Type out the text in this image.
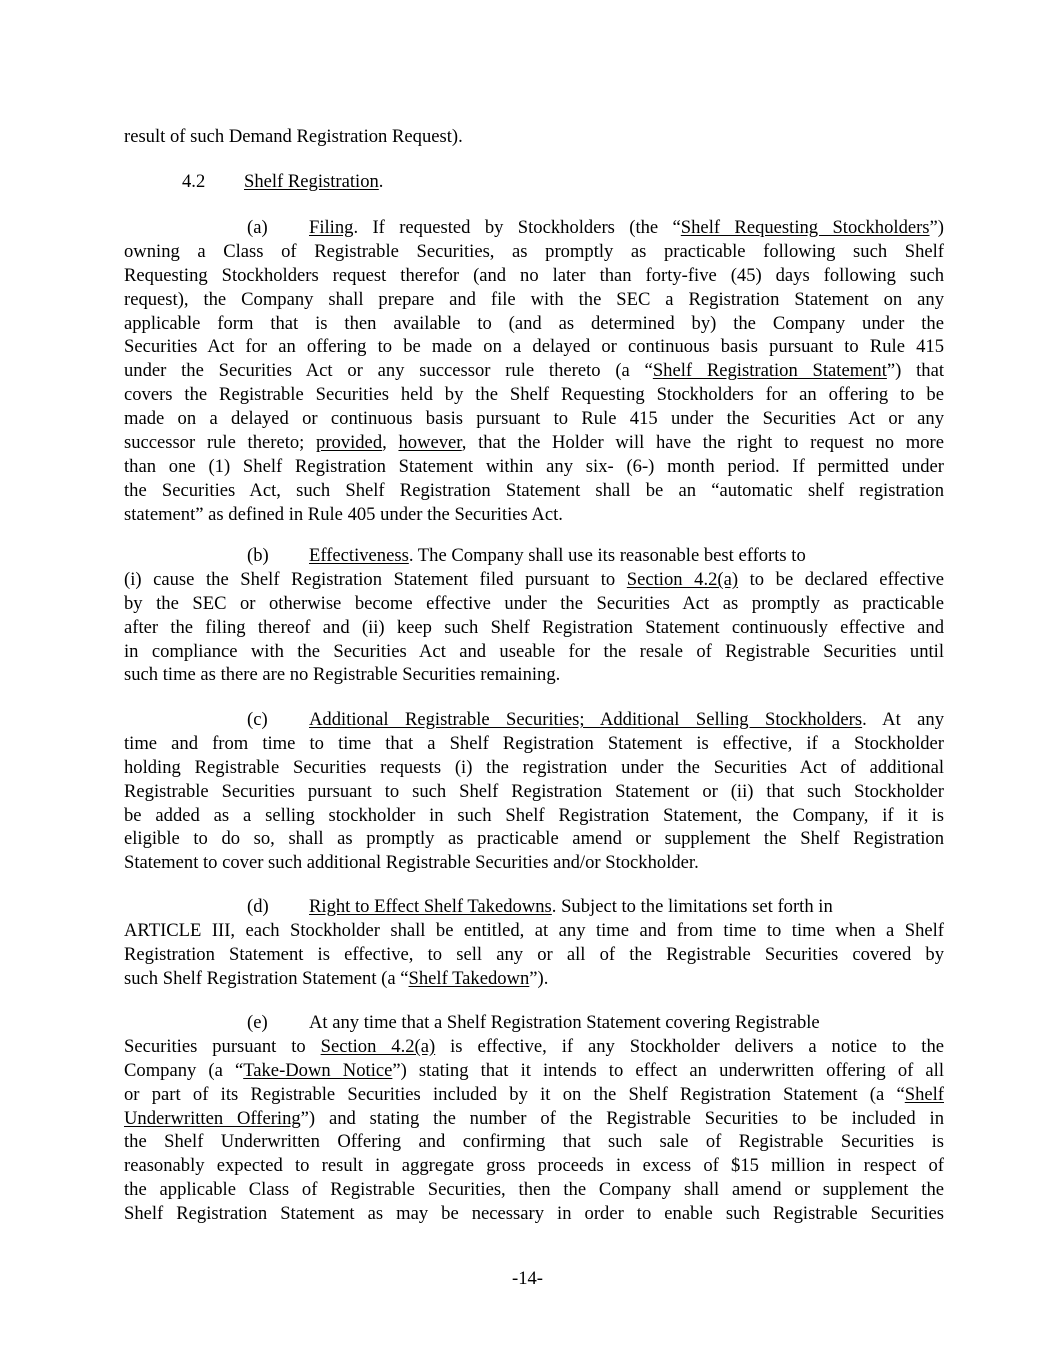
result of such Demand Registration Request).
4.2 Shelf Registration.
(a) Filing. If requested by Stockholders (the “Shelf Requesting Stockholders”)
owning a Class of Registrable Securities, as promptly as practicable following such Shelf
Requesting Stockholders request therefor (and no later than forty-five (45) days following such
request), the Company shall prepare and file with the SEC a Registration Statement on any
applicable form that is then available to (and as determined by) the Company under the
Securities Act for an offering to be made on a delayed or continuous basis pursuant to Rule 415
under the Securities Act or any successor rule thereto (a “Shelf Registration Statement”) that
covers the Registrable Securities held by the Shelf Requesting Stockholders for an offering to be
made on a delayed or continuous basis pursuant to Rule 415 under the Securities Act or any
successor rule thereto; provided, however, that the Holder will have the right to request no more
than one (1) Shelf Registration Statement within any six- (6-) month period. If permitted under
the Securities Act, such Shelf Registration Statement shall be an “automatic shelf registration
statement” as defined in Rule 405 under the Securities Act.
(b) Effectiveness. The Company shall use its reasonable best efforts to
(i) cause the Shelf Registration Statement filed pursuant to Section 4.2(a) to be declared effective
by the SEC or otherwise become effective under the Securities Act as promptly as practicable
after the filing thereof and (ii) keep such Shelf Registration Statement continuously effective and
in compliance with the Securities Act and useable for the resale of Registrable Securities until
such time as there are no Registrable Securities remaining.
(c) Additional Registrable Securities; Additional Selling Stockholders. At any
time and from time to time that a Shelf Registration Statement is effective, if a Stockholder
holding Registrable Securities requests (i) the registration under the Securities Act of additional
Registrable Securities pursuant to such Shelf Registration Statement or (ii) that such Stockholder
be added as a selling stockholder in such Shelf Registration Statement, the Company, if it is
eligible to do so, shall as promptly as practicable amend or supplement the Shelf Registration
Statement to cover such additional Registrable Securities and/or Stockholder.
(d) Right to Effect Shelf Takedowns. Subject to the limitations set forth in
ARTICLE III, each Stockholder shall be entitled, at any time and from time to time when a Shelf
Registration Statement is effective, to sell any or all of the Registrable Securities covered by
such Shelf Registration Statement (a “Shelf Takedown”).
(e) At any time that a Shelf Registration Statement covering Registrable
Securities pursuant to Section 4.2(a) is effective, if any Stockholder delivers a notice to the
Company (a “Take-Down Notice”) stating that it intends to effect an underwritten offering of all
or part of its Registrable Securities included by it on the Shelf Registration Statement (a “Shelf
Underwritten Offering”) and stating the number of the Registrable Securities to be included in
the Shelf Underwritten Offering and confirming that such sale of Registrable Securities is
reasonably expected to result in aggregate gross proceeds in excess of $15 million in respect of
the applicable Class of Registrable Securities, then the Company shall amend or supplement the
Shelf Registration Statement as may be necessary in order to enable such Registrable Securities
-14-
